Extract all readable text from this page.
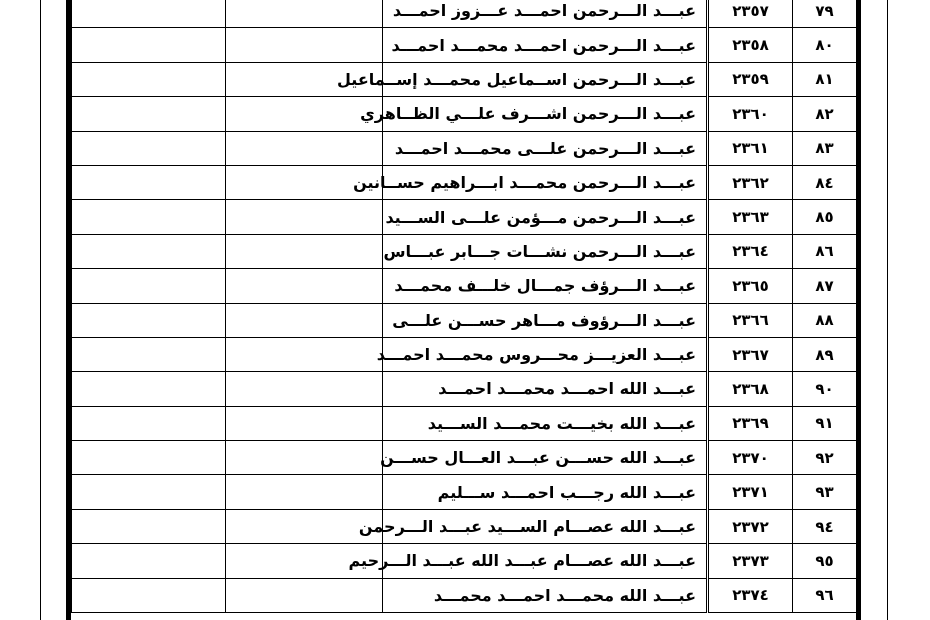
		عبـــد الـــرحمن احمـــد عـــزوز احمـــد	٢٣٥٧	٧٩
		عبـــد الـــرحمن احمـــد محمـــد احمـــد	٢٣٥٨	٨٠
		عبـــد الـــرحمن اســماعيل محمـــد إســماعيل	٢٣٥٩	٨١
		عبـــد الـــرحمن اشـــرف علـــي الظــاهري	٢٣٦٠	٨٢
		عبـــد الـــرحمن علـــى محمـــد احمـــد	٢٣٦١	٨٣
		عبـــد الـــرحمن محمـــد ابـــراهيم حســانين	٢٣٦٢	٨٤
		عبـــد الـــرحمن مـــؤمن علـــى الســـيد	٢٣٦٣	٨٥
		عبـــد الـــرحمن نشـــات جـــابر عبـــاس	٢٣٦٤	٨٦
		عبـــد الـــرؤف جمـــال خلـــف محمـــد	٢٣٦٥	٨٧
		عبـــد الـــرؤوف مـــاهر حســـن علـــى	٢٣٦٦	٨٨
		عبـــد العزيـــز محـــروس محمـــد احمـــد	٢٣٦٧	٨٩
		عبـــد الله احمـــد محمـــد احمـــد	٢٣٦٨	٩٠
		عبـــد الله بخيـــت محمـــد الســـيد	٢٣٦٩	٩١
		عبـــد الله حســـن عبـــد العـــال حســـن	٢٣٧٠	٩٢
		عبـــد الله رجـــب احمـــد ســـليم	٢٣٧١	٩٣
		عبـــد الله عصـــام الســـيد عبـــد الـــرحمن	٢٣٧٢	٩٤
		عبـــد الله عصـــام عبـــد الله عبـــد الـــرحيم	٢٣٧٣	٩٥
		عبـــد الله محمـــد احمـــد محمـــد	٢٣٧٤	٩٦
